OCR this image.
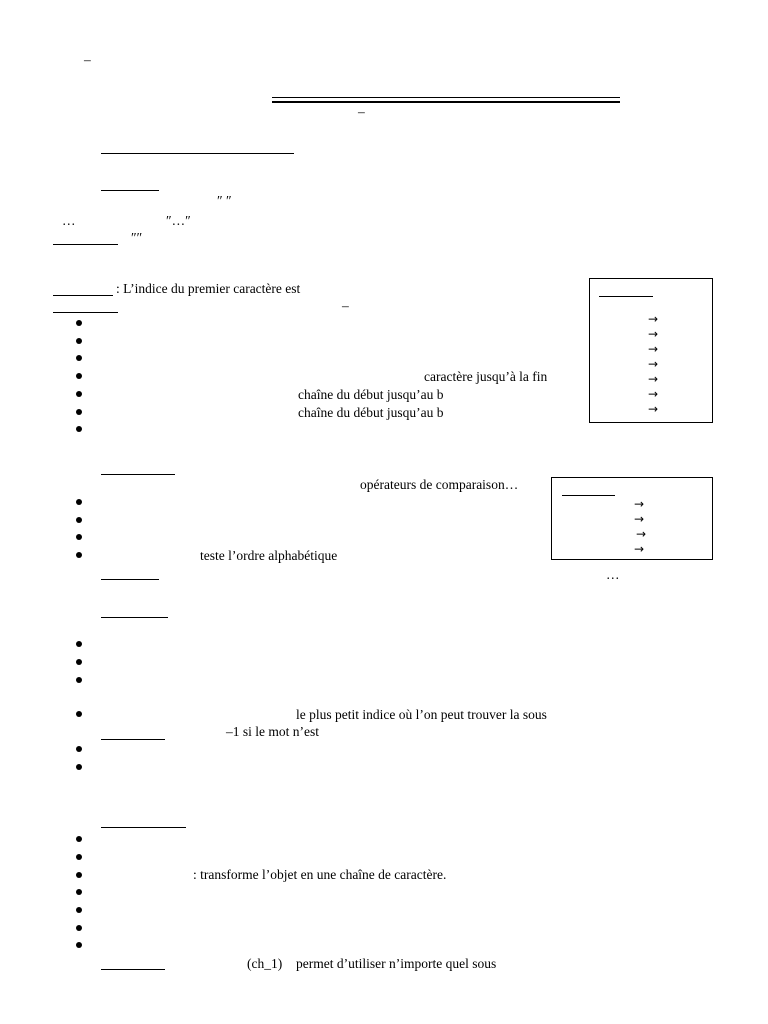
–
–
″ ″
…	″…″
″″
: L’indice du premier caractère est
–
caractère jusqu’à la fin
chaîne du début jusqu’au b
chaîne du début jusqu’au b
→
→
→
→
→
→
→
opérateurs de comparaison…
teste l’ordre alphabétique
…
→
→
→
→
le plus petit indice où l’on peut trouver la sous
–1 si le mot n’est
: transforme l’objet en une chaîne de caractère.
(ch_1) permet d’utiliser n’importe quel sous
